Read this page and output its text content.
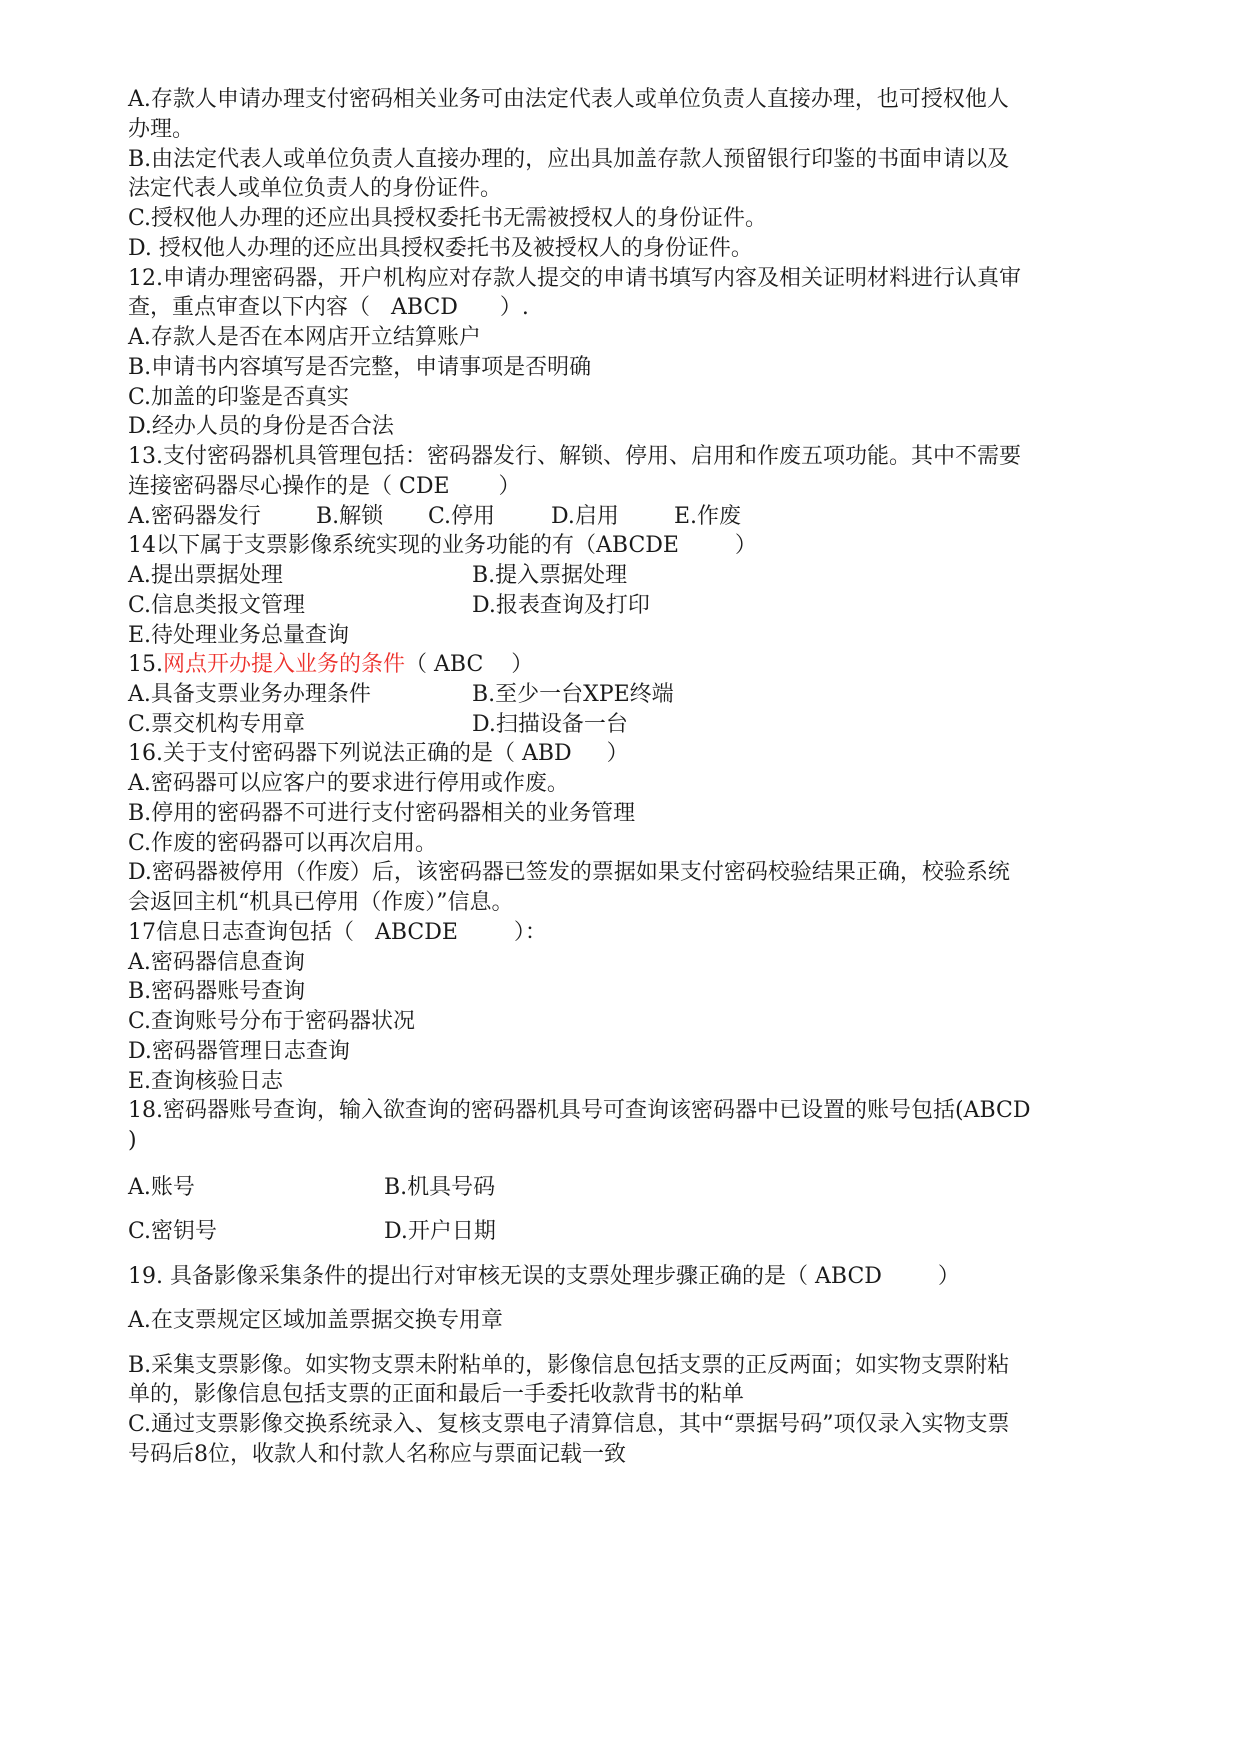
A.存款人申请办理支付密码相关业务可由法定代表人或单位负责人直接办理，也可授权他人
办理。
B.由法定代表人或单位负责人直接办理的，应出具加盖存款人预留银行印鉴的书面申请以及
法定代表人或单位负责人的身份证件。
C.授权他人办理的还应出具授权委托书无需被授权人的身份证件。
D. 授权他人办理的还应出具授权委托书及被授权人的身份证件。
12.申请办理密码器，开户机构应对存款人提交的申请书填写内容及相关证明材料进行认真审
查，重点审查以下内容（   ABCD      ）.
A.存款人是否在本网店开立结算账户
B.申请书内容填写是否完整，申请事项是否明确
C.加盖的印鉴是否真实
D.经办人员的身份是否合法
13.支付密码器机具管理包括：密码器发行、解锁、停用、启用和作废五项功能。其中不需要
连接密码器尽心操作的是（ CDE       ）
A.密码器发行	B.解锁 C.停用	D.启用	E.作废
14以下属于支票影像系统实现的业务功能的有（ABCDE        ）
A.提出票据处理	B.提入票据处理
C.信息类报文管理	D.报表查询及打印
E.待处理业务总量查询
15.网点开办提入业务的条件（ ABC    ）
A.具备支票业务办理条件	B.至少一台XPE终端
C.票交机构专用章	D.扫描设备一台
16.关于支付密码器下列说法正确的是（ ABD     ）
A.密码器可以应客户的要求进行停用或作废。
B.停用的密码器不可进行支付密码器相关的业务管理
C.作废的密码器可以再次启用。
D.密码器被停用（作废）后，该密码器已签发的票据如果支付密码校验结果正确，校验系统
会返回主机“机具已停用（作废）”信息。
17信息日志查询包括（   ABCDE        ）：
A.密码器信息查询
B.密码器账号查询
C.查询账号分布于密码器状况
D.密码器管理日志查询
E.查询核验日志
18.密码器账号查询，输入欲查询的密码器机具号可查询该密码器中已设置的账号包括(ABCD
)
A.账号	B.机具号码
C.密钥号	D.开户日期
19. 具备影像采集条件的提出行对审核无误的支票处理步骤正确的是（ ABCD        ）
A.在支票规定区域加盖票据交换专用章
B.采集支票影像。如实物支票未附粘单的，影像信息包括支票的正反两面；如实物支票附粘
单的，影像信息包括支票的正面和最后一手委托收款背书的粘单
C.通过支票影像交换系统录入、复核支票电子清算信息，其中“票据号码”项仅录入实物支票
号码后8位，收款人和付款人名称应与票面记载一致
